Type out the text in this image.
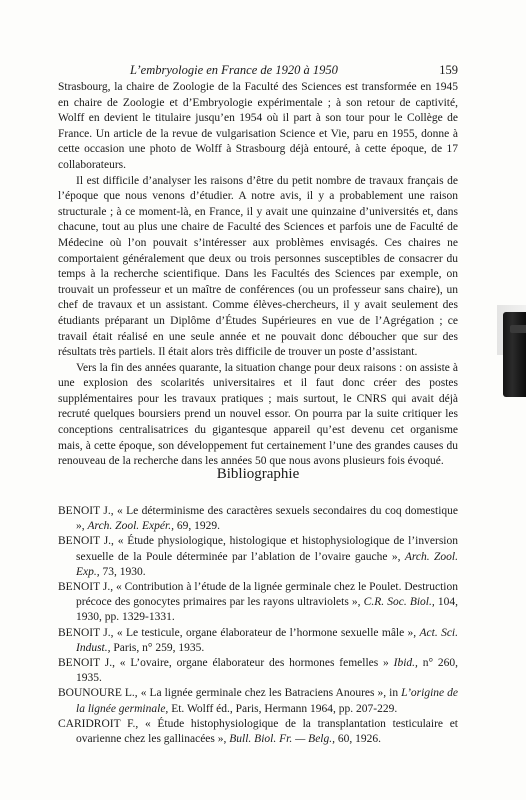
L’embryologie en France de 1920 à 1950	159

Strasbourg, la chaire de Zoologie de la Faculté des Sciences est transformée en 1945 en chaire de Zoologie et d’Embryologie expérimentale ; à son retour de captivité, Wolff en devient le titulaire jusqu’en 1954 où il part à son tour pour le Collège de France. Un article de la revue de vulgarisation Science et Vie, paru en 1955, donne à cette occasion une photo de Wolff à Strasbourg déjà entouré, à cette époque, de 17 collaborateurs.

Il est difficile d’analyser les raisons d’être du petit nombre de travaux français de l’époque que nous venons d’étudier. A notre avis, il y a probablement une raison structurale ; à ce moment-là, en France, il y avait une quinzaine d’universités et, dans chacune, tout au plus une chaire de Faculté des Sciences et parfois une de Faculté de Médecine où l’on pouvait s’intéresser aux problèmes envisagés. Ces chaires ne comportaient généralement que deux ou trois personnes susceptibles de consacrer du temps à la recherche scientifique. Dans les Facultés des Sciences par exemple, on trouvait un professeur et un maître de conférences (ou un professeur sans chaire), un chef de travaux et un assistant. Comme élèves-chercheurs, il y avait seulement des étudiants préparant un Diplôme d’Études Supérieures en vue de l’Agrégation ; ce travail était réalisé en une seule année et ne pouvait donc déboucher que sur des résultats très partiels. Il était alors très difficile de trouver un poste d’assistant.

Vers la fin des années quarante, la situation change pour deux raisons : on assiste à une explosion des scolarités universitaires et il faut donc créer des postes supplémentaires pour les travaux pratiques ; mais surtout, le CNRS qui avait déjà recruté quelques boursiers prend un nouvel essor. On pourra par la suite critiquer les conceptions centralisatrices du gigantesque appareil qu’est devenu cet organisme mais, à cette époque, son développement fut certainement l’une des grandes causes du renouveau de la recherche dans les années 50 que nous avons plusieurs fois évoqué.

Bibliographie
BENOIT J., « Le déterminisme des caractères sexuels secondaires du coq domestique », Arch. Zool. Expér., 69, 1929.
BENOIT J., « Étude physiologique, histologique et histophysiologique de l’inversion sexuelle de la Poule déterminée par l’ablation de l’ovaire gauche », Arch. Zool. Exp., 73, 1930.
BENOIT J., « Contribution à l’étude de la lignée germinale chez le Poulet. Destruction précoce des gonocytes primaires par les rayons ultraviolets », C.R. Soc. Biol., 104, 1930, pp. 1329-1331.
BENOIT J., « Le testicule, organe élaborateur de l’hormone sexuelle mâle », Act. Sci. Indust., Paris, n° 259, 1935.
BENOIT J., « L’ovaire, organe élaborateur des hormones femelles » Ibid., n° 260, 1935.
BOUNOURE L., « La lignée germinale chez les Batraciens Anoures », in L’origine de la lignée germinale, Et. Wolff éd., Paris, Hermann 1964, pp. 207-229.
CARIDROIT F., « Étude histophysiologique de la transplantation testiculaire et ovarienne chez les gallinacées », Bull. Biol. Fr. — Belg., 60, 1926.
